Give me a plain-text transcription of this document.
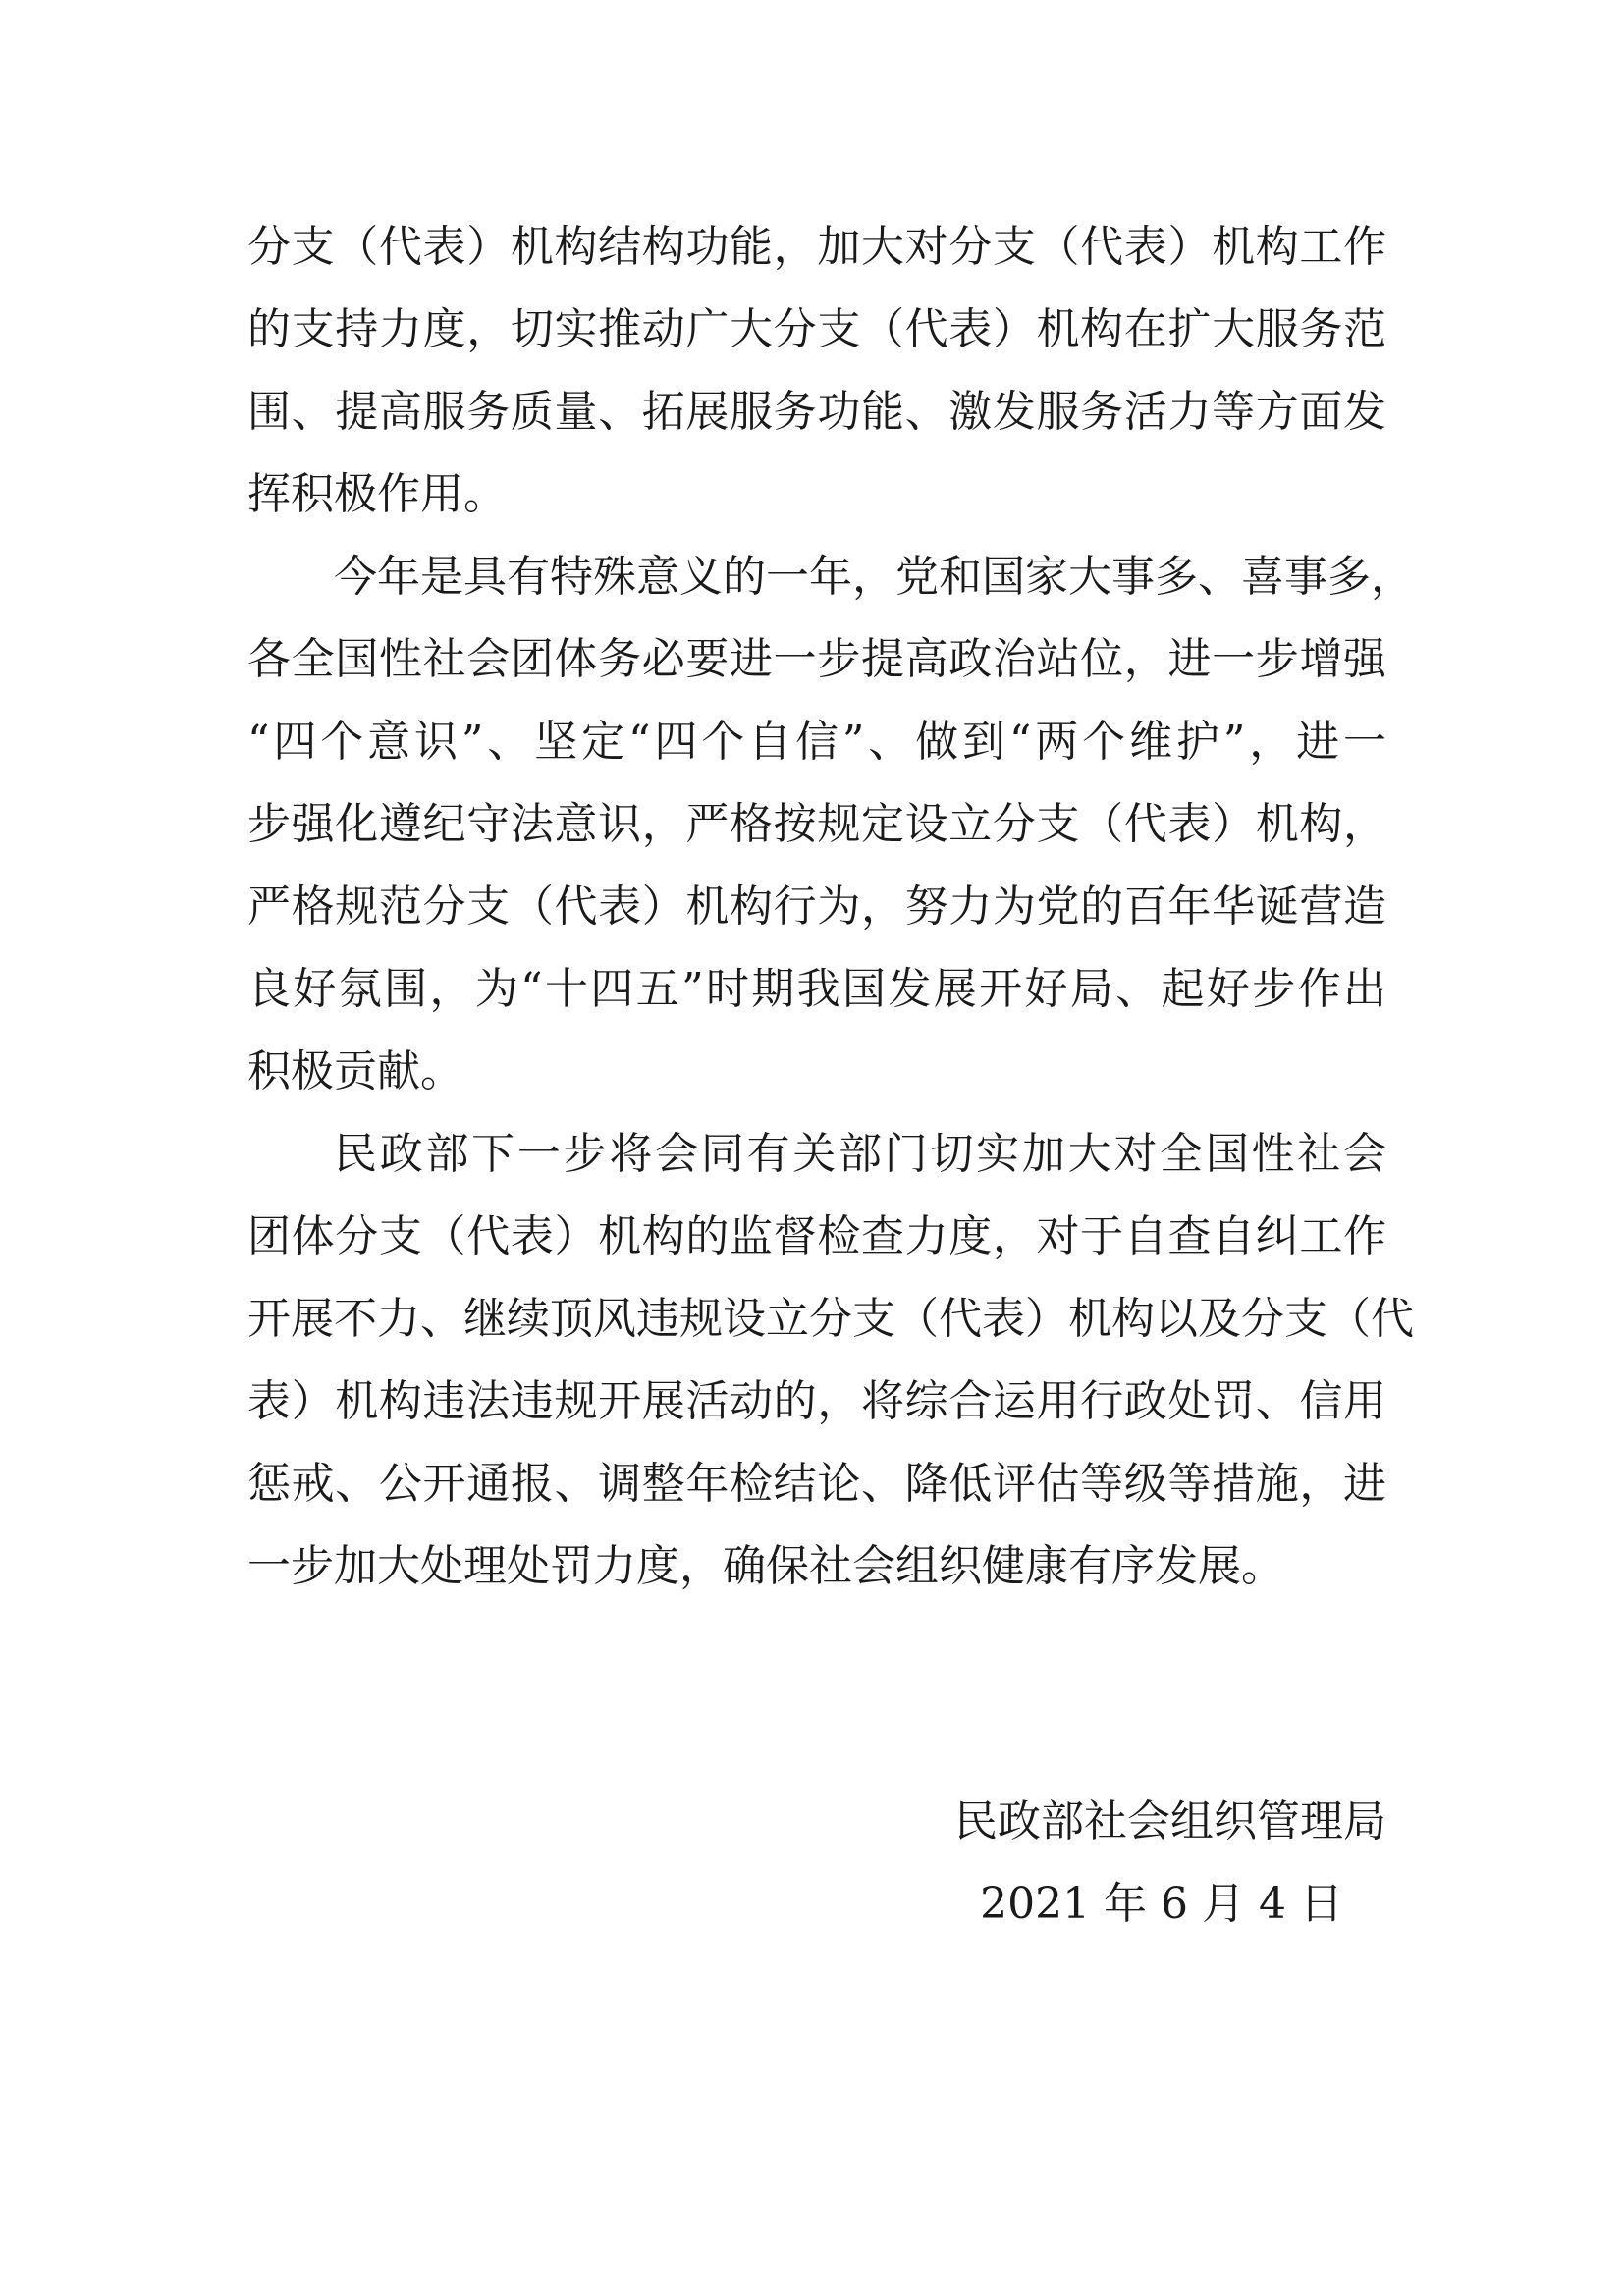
分支（代表）机构结构功能，加大对分支（代表）机构工作
的支持力度，切实推动广大分支（代表）机构在扩大服务范
围、提高服务质量、拓展服务功能、激发服务活力等方面发
挥积极作用。
今年是具有特殊意义的一年，党和国家大事多、喜事多，
各全国性社会团体务必要进一步提高政治站位，进一步增强
“四个意识”、坚定“四个自信”、做到“两个维护”，进一
步强化遵纪守法意识，严格按规定设立分支（代表）机构，
严格规范分支（代表）机构行为，努力为党的百年华诞营造
良好氛围，为“十四五”时期我国发展开好局、起好步作出
积极贡献。
民政部下一步将会同有关部门切实加大对全国性社会
团体分支（代表）机构的监督检查力度，对于自查自纠工作
开展不力、继续顶风违规设立分支（代表）机构以及分支（代
表）机构违法违规开展活动的，将综合运用行政处罚、信用
惩戒、公开通报、调整年检结论、降低评估等级等措施，进
一步加大处理处罚力度，确保社会组织健康有序发展。
民政部社会组织管理局
2021 年 6 月 4 日
